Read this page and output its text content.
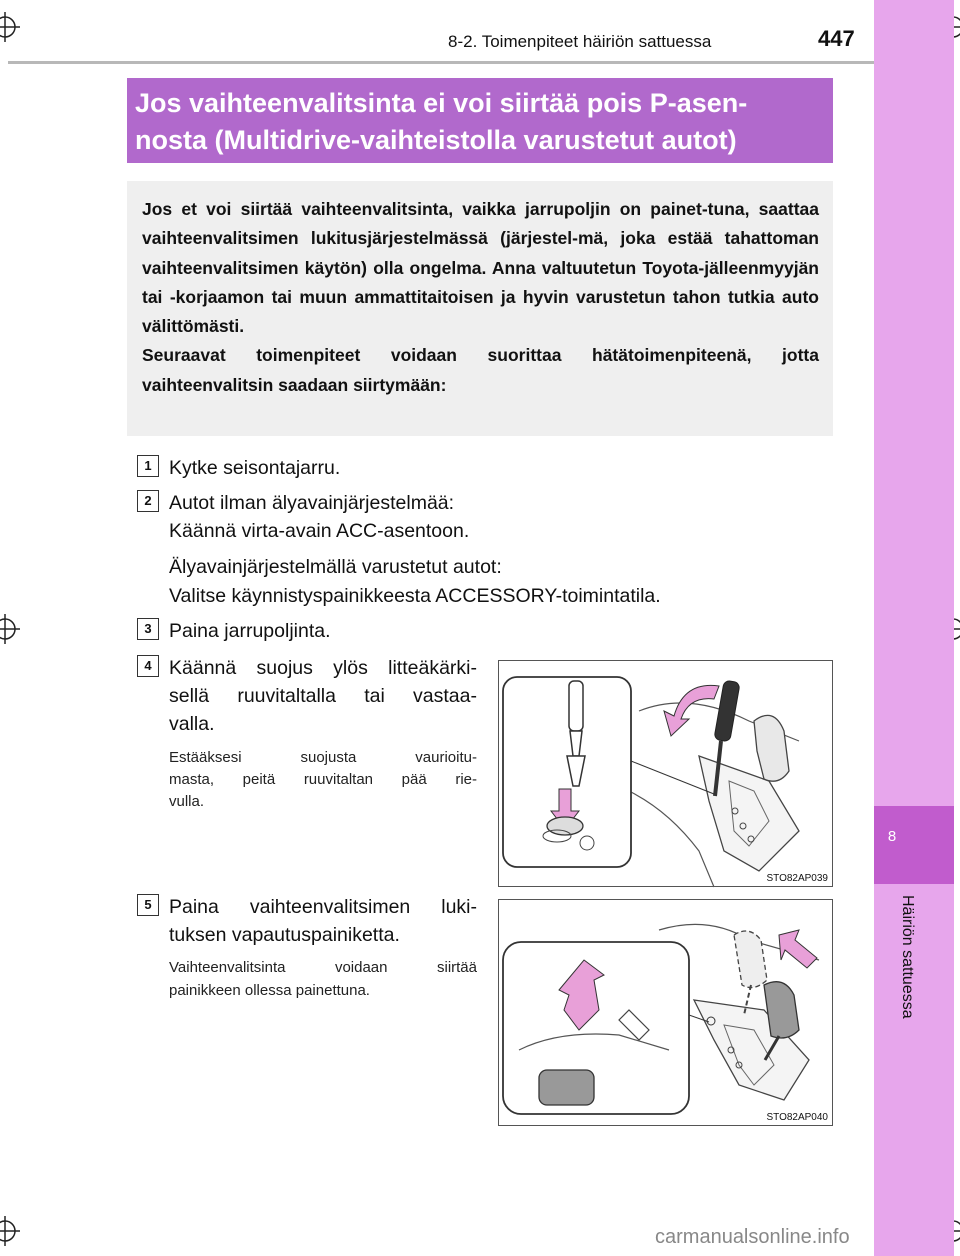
8
Häiriön sattuessa
8-2. Toimenpiteet häiriön sattuessa	447
Jos vaihteenvalitsinta ei voi siirtää pois P-asen-
nosta (Multidrive-vaihteistolla varustetut autot)

Jos et voi siirtää vaihteenvalitsinta, vaikka jarrupoljin on painet-tuna, saattaa vaihteenvalitsimen lukitusjärjestelmässä (järjestel-mä, joka estää tahattoman vaihteenvalitsimen käytön) olla ongelma. Anna valtuutetun Toyota-jälleenmyyjän tai -korjaamon tai muun ammattitaitoisen ja hyvin varustetun tahon tutkia auto välittömästi.

Seuraavat toimenpiteet voidaan suorittaa hätätoimenpiteenä, jotta vaihteenvalitsin saadaan siirtymään:

1 Kytke seisontajarru.
2 Autot ilman älyavainjärjestelmää:
Käännä virta-avain ACC-asentoon.
Älyavainjärjestelmällä varustetut autot:
Valitse käynnistyspainikkeesta ACCESSORY-toimintatila.
3 Paina jarrupoljinta.
4 Käännä suojus ylös litteäkärki-
sellä ruuvitaltalla tai vastaa-
valla.
Estääksesi suojusta vaurioitu-
masta, peitä ruuvitaltan pää rie-
vulla.
STO82AP039
5 Paina vaihteenvalitsimen luki-
tuksen vapautuspainiketta.
Vaihteenvalitsinta voidaan siirtää
painikkeen ollessa painettuna.
STO82AP040
carmanualsonline.info
